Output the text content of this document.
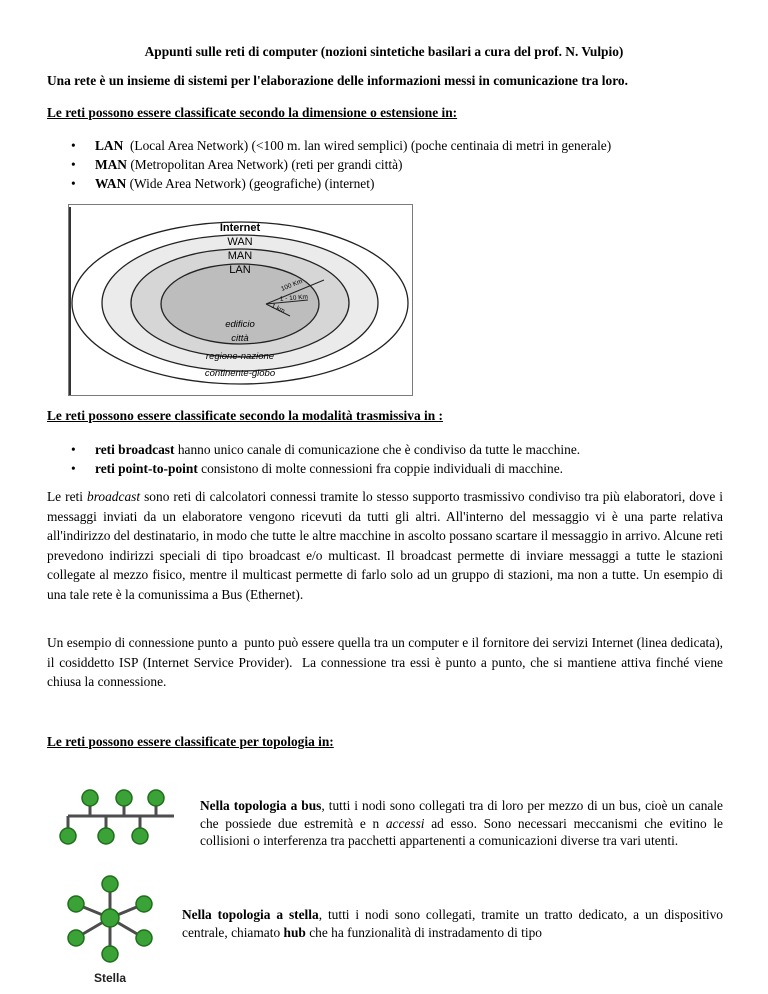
Appunti sulle reti di computer (nozioni sintetiche basilari a cura del prof. N. Vulpio)
Una rete è un insieme di sistemi per l'elaborazione delle informazioni messi in comunicazione tra loro.
Le reti possono essere classificate secondo la dimensione o estensione in:
• LAN  (Local Area Network) (<100 m. lan wired semplici) (poche centinaia di metri in generale)
• MAN (Metropolitan Area Network) (reti per grandi città)
• WAN (Wide Area Network) (geografiche) (internet)
Internet
WAN
MAN
LAN
100 Km
1 - 10 Km
1 km
edificio
città
regione-nazione
continente-globo
Le reti possono essere classificate secondo la modalità trasmissiva in :
• reti broadcast hanno unico canale di comunicazione che è condiviso da tutte le macchine.
• reti point-to-point consistono di molte connessioni fra coppie individuali di macchine.

Le reti broadcast sono reti di calcolatori connessi tramite lo stesso supporto trasmissivo condiviso tra più elaboratori, dove i messaggi inviati da un elaboratore vengono ricevuti da tutti gli altri. All'interno del messaggio vi è una parte relativa all'indirizzo del destinatario, in modo che tutte le altre macchine in ascolto possano scartare il messaggio in arrivo. Alcune reti prevedono indirizzi speciali di tipo broadcast e/o multicast. Il broadcast permette di inviare messaggi a tutte le stazioni collegate al mezzo fisico, mentre il multicast permette di farlo solo ad un gruppo di stazioni, ma non a tutte. Un esempio di una tale rete è la comunissima a Bus (Ethernet).

Un esempio di connessione punto a  punto può essere quella tra un computer e il fornitore dei servizi Internet (linea dedicata), il cosiddetto ISP (Internet Service Provider).  La connessione tra essi è punto a punto, che si mantiene attiva finché viene chiusa la connessione.

Le reti possono essere classificate per topologia in:
Nella topologia a bus, tutti i nodi sono collegati tra di loro per mezzo di un bus, cioè un canale che possiede due estremità e n accessi ad esso. Sono necessari meccanismi che evitino le collisioni o interferenza tra pacchetti appartenenti a comunicazioni diverse tra vari utenti.
Stella
Nella topologia a stella, tutti i nodi sono collegati, tramite un tratto dedicato, a un dispositivo centrale, chiamato hub che ha funzionalità di instradamento di tipo
